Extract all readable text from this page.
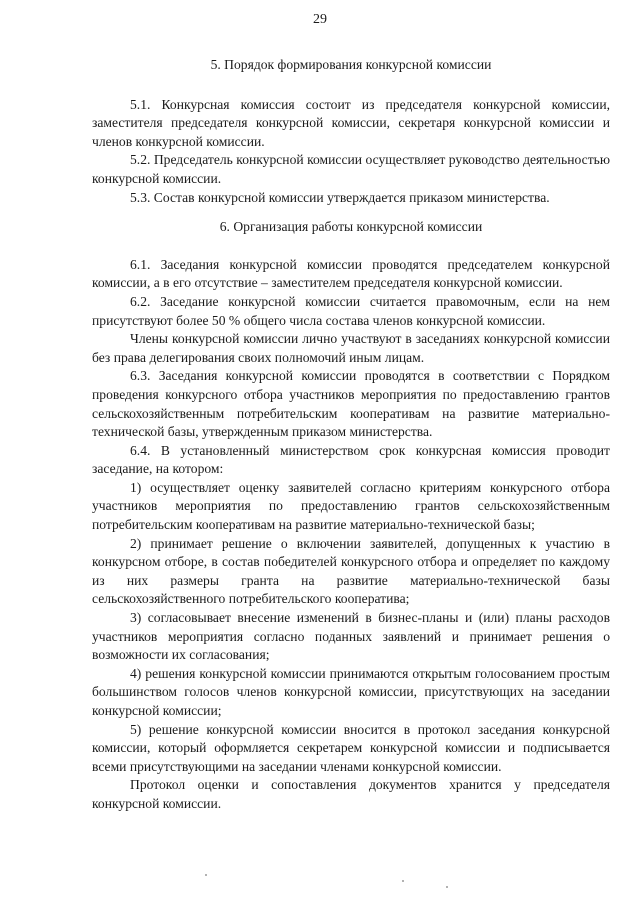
29
5. Порядок формирования конкурсной комиссии

5.1. Конкурсная комиссия состоит из председателя конкурсной комиссии, заместителя председателя конкурсной комиссии, секретаря конкурсной комиссии и членов конкурсной комиссии.

5.2. Председатель конкурсной комиссии осуществляет руководство деятельностью конкурсной комиссии.

5.3. Состав конкурсной комиссии утверждается приказом министерства.

6. Организация работы конкурсной комиссии

6.1. Заседания конкурсной комиссии проводятся председателем конкурсной комиссии, а в его отсутствие – заместителем председателя конкурсной комиссии.

6.2. Заседание конкурсной комиссии считается правомочным, если на нем присутствуют более 50 % общего числа состава членов конкурсной комиссии.

Члены конкурсной комиссии лично участвуют в заседаниях конкурсной комиссии без права делегирования своих полномочий иным лицам.

6.3. Заседания конкурсной комиссии проводятся в соответствии с Порядком проведения конкурсного отбора участников мероприятия по предоставлению грантов сельскохозяйственным потребительским кооперативам на развитие материально-технической базы, утвержденным приказом министерства.

6.4. В установленный министерством срок конкурсная комиссия проводит заседание, на котором:

1) осуществляет оценку заявителей согласно критериям конкурсного отбора участников мероприятия по предоставлению грантов сельскохозяйственным потребительским кооперативам на развитие материально-технической базы;

2) принимает решение о включении заявителей, допущенных к участию в конкурсном отборе, в состав победителей конкурсного отбора и определяет по каждому из них размеры гранта на развитие материально-технической базы сельскохозяйственного потребительского кооператива;

3) согласовывает внесение изменений в бизнес-планы и (или) планы расходов участников мероприятия согласно поданных заявлений и принимает решения о возможности их согласования;

4) решения конкурсной комиссии принимаются открытым голосованием простым большинством голосов членов конкурсной комиссии, присутствующих на заседании конкурсной комиссии;

5) решение конкурсной комиссии вносится в протокол заседания конкурсной комиссии, который оформляется секретарем конкурсной комиссии и подписывается всеми присутствующими на заседании членами конкурсной комиссии.

Протокол оценки и сопоставления документов хранится у председателя конкурсной комиссии.
